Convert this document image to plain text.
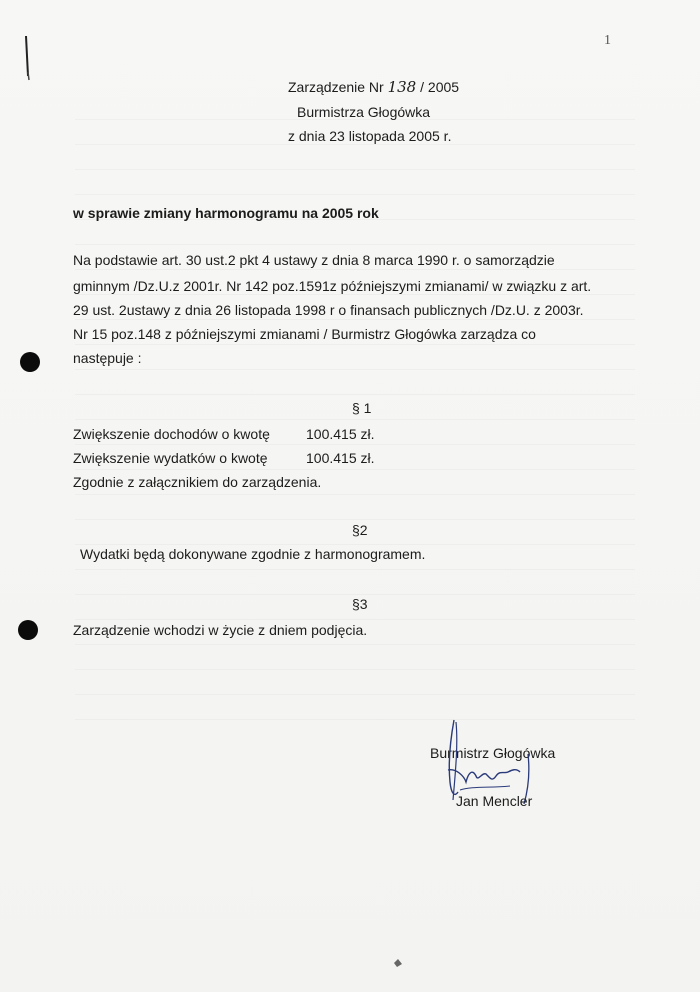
1
Zarządzenie Nr 138 / 2005
Burmistrza Głogówka
z dnia 23 listopada 2005 r.
w sprawie zmiany harmonogramu na 2005 rok
Na podstawie art. 30 ust.2 pkt 4 ustawy z dnia 8 marca 1990 r. o samorządzie
gminnym /Dz.U.z 2001r. Nr 142 poz.1591z późniejszymi zmianami/ w związku z art.
29 ust. 2ustawy z dnia 26 listopada 1998 r o finansach publicznych /Dz.U. z 2003r.
Nr 15 poz.148 z późniejszymi zmianami / Burmistrz Głogówka zarządza co
następuje :
§ 1
Zwiększenie dochodów o kwotę	100.415 zł.
Zwiększenie wydatków o kwotę	100.415 zł.
Zgodnie z załącznikiem do zarządzenia.
§2
Wydatki będą dokonywane zgodnie z harmonogramem.
§3
Zarządzenie wchodzi w życie z dniem podjęcia.
Burmistrz Głogówka
Jan Mencler
